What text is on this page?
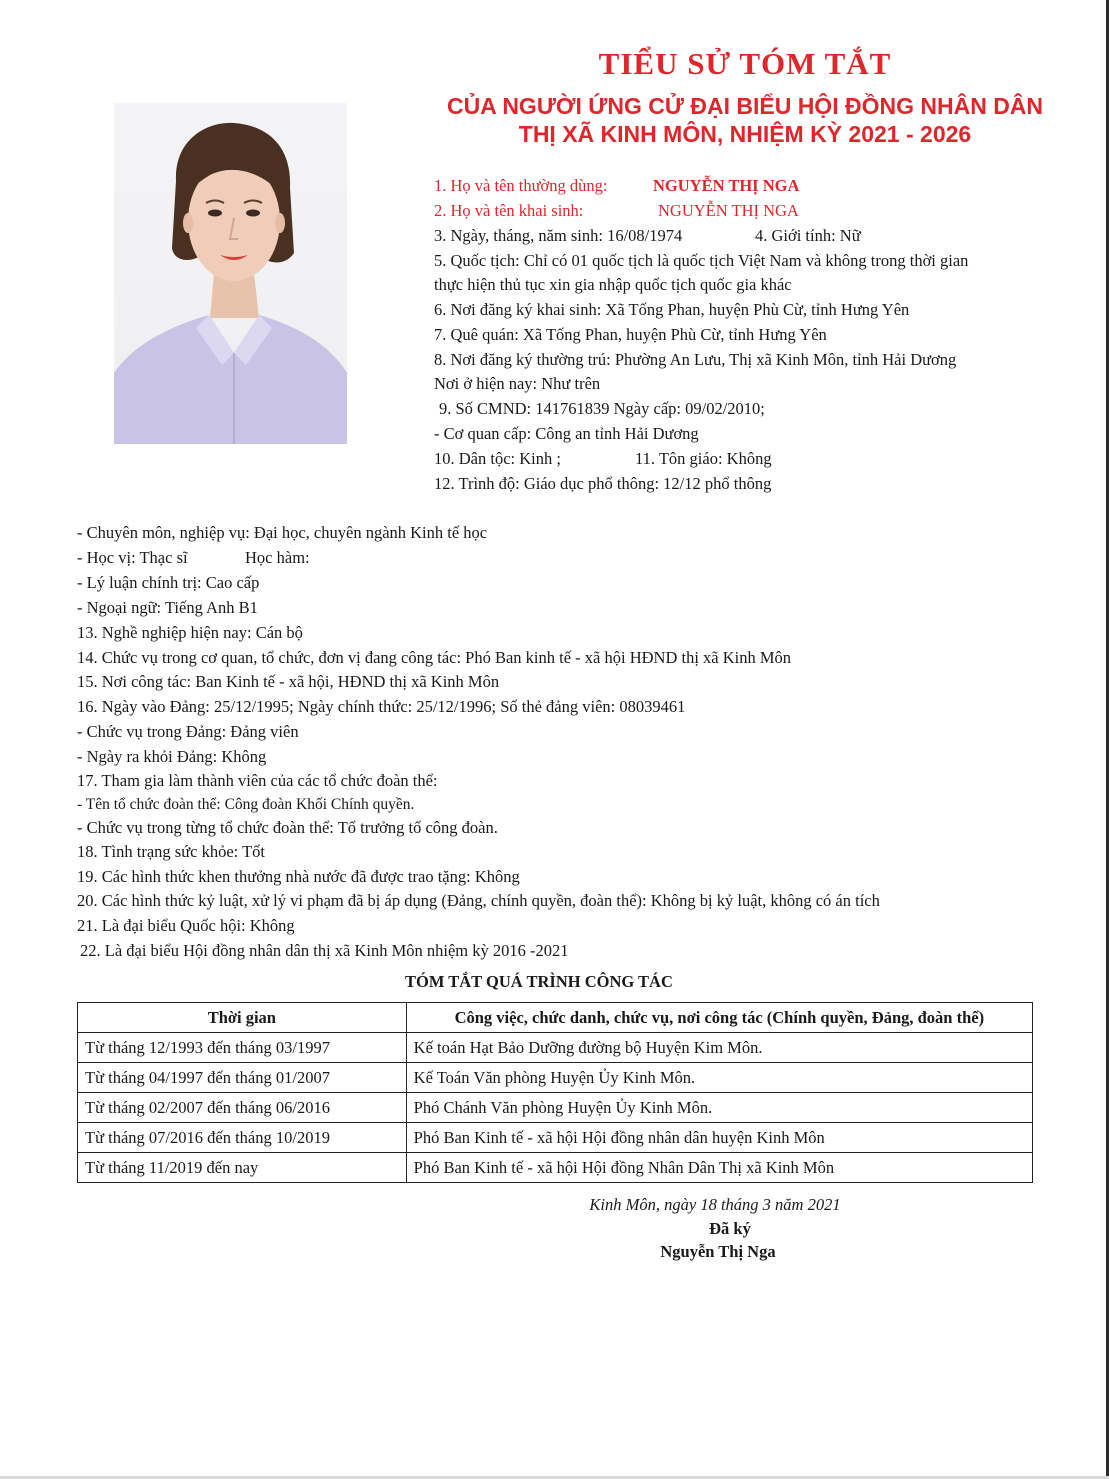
TIỂU SỬ TÓM TẮT
CỦA NGƯỜI ỨNG CỬ ĐẠI BIỂU HỘI ĐỒNG NHÂN DÂN
THỊ XÃ KINH MÔN, NHIỆM KỲ 2021 - 2026
1. Họ và tên thường dùng:	NGUYỄN THỊ NGA
2. Họ và tên khai sinh:	NGUYỄN THỊ NGA
3. Ngày, tháng, năm sinh: 16/08/1974	4. Giới tính: Nữ
5. Quốc tịch: Chỉ có 01 quốc tịch là quốc tịch Việt Nam và không trong thời gian
thực hiện thủ tục xin gia nhập quốc tịch quốc gia khác
6. Nơi đăng ký khai sinh: Xã Tống Phan, huyện Phù Cừ, tỉnh Hưng Yên
7. Quê quán: Xã Tống Phan, huyện Phù Cừ, tỉnh Hưng Yên
8. Nơi đăng ký thường trú: Phường An Lưu, Thị xã Kinh Môn, tỉnh Hải Dương
Nơi ở hiện nay: Như trên
9. Số CMND: 141761839 Ngày cấp: 09/02/2010;
- Cơ quan cấp: Công an tỉnh Hải Dương
10. Dân tộc: Kinh ;	11. Tôn giáo: Không
12. Trình độ: Giáo dục phổ thông: 12/12 phổ thông
- Chuyên môn, nghiệp vụ: Đại học, chuyên ngành Kinh tế học
- Học vị: Thạc sĩ	Học hàm:
- Lý luận chính trị: Cao cấp
- Ngoại ngữ: Tiếng Anh B1
13. Nghề nghiệp hiện nay: Cán bộ
14. Chức vụ trong cơ quan, tổ chức, đơn vị đang công tác: Phó Ban kinh tế - xã hội HĐND thị xã Kinh Môn
15. Nơi công tác: Ban Kinh tế - xã hội, HĐND thị xã Kinh Môn
16. Ngày vào Đảng: 25/12/1995; Ngày chính thức: 25/12/1996; Số thẻ đảng viên: 08039461
- Chức vụ trong Đảng: Đảng viên
- Ngày ra khỏi Đảng: Không
17. Tham gia làm thành viên của các tổ chức đoàn thể:
- Tên tổ chức đoàn thể: Công đoàn Khối Chính quyền.
- Chức vụ trong từng tổ chức đoàn thể: Tổ trưởng tổ công đoàn.
18. Tình trạng sức khỏe: Tốt
19. Các hình thức khen thưởng nhà nước đã được trao tặng: Không
20. Các hình thức kỷ luật, xử lý vi phạm đã bị áp dụng (Đảng, chính quyền, đoàn thể): Không bị kỷ luật, không có án tích
21. Là đại biểu Quốc hội: Không
22. Là đại biểu Hội đồng nhân dân thị xã Kinh Môn nhiệm kỳ 2016 -2021
TÓM TẮT QUÁ TRÌNH CÔNG TÁC
Thời gian	Công việc, chức danh, chức vụ, nơi công tác (Chính quyền, Đảng, đoàn thể)
Từ tháng 12/1993 đến tháng 03/1997	Kế toán Hạt Bảo Dưỡng đường bộ Huyện Kim Môn.
Từ tháng 04/1997 đến tháng 01/2007	Kế Toán Văn phòng Huyện Ủy Kinh Môn.
Từ tháng 02/2007 đến tháng 06/2016	Phó Chánh Văn phòng Huyện Ủy Kinh Môn.
Từ tháng 07/2016 đến tháng 10/2019	Phó Ban Kinh tế - xã hội Hội đồng nhân dân huyện Kinh Môn
Từ tháng 11/2019 đến nay	Phó Ban Kinh tế - xã hội Hội đồng Nhân Dân Thị xã Kinh Môn
Kinh Môn, ngày 18 tháng 3 năm 2021
Đã ký
Nguyễn Thị Nga
